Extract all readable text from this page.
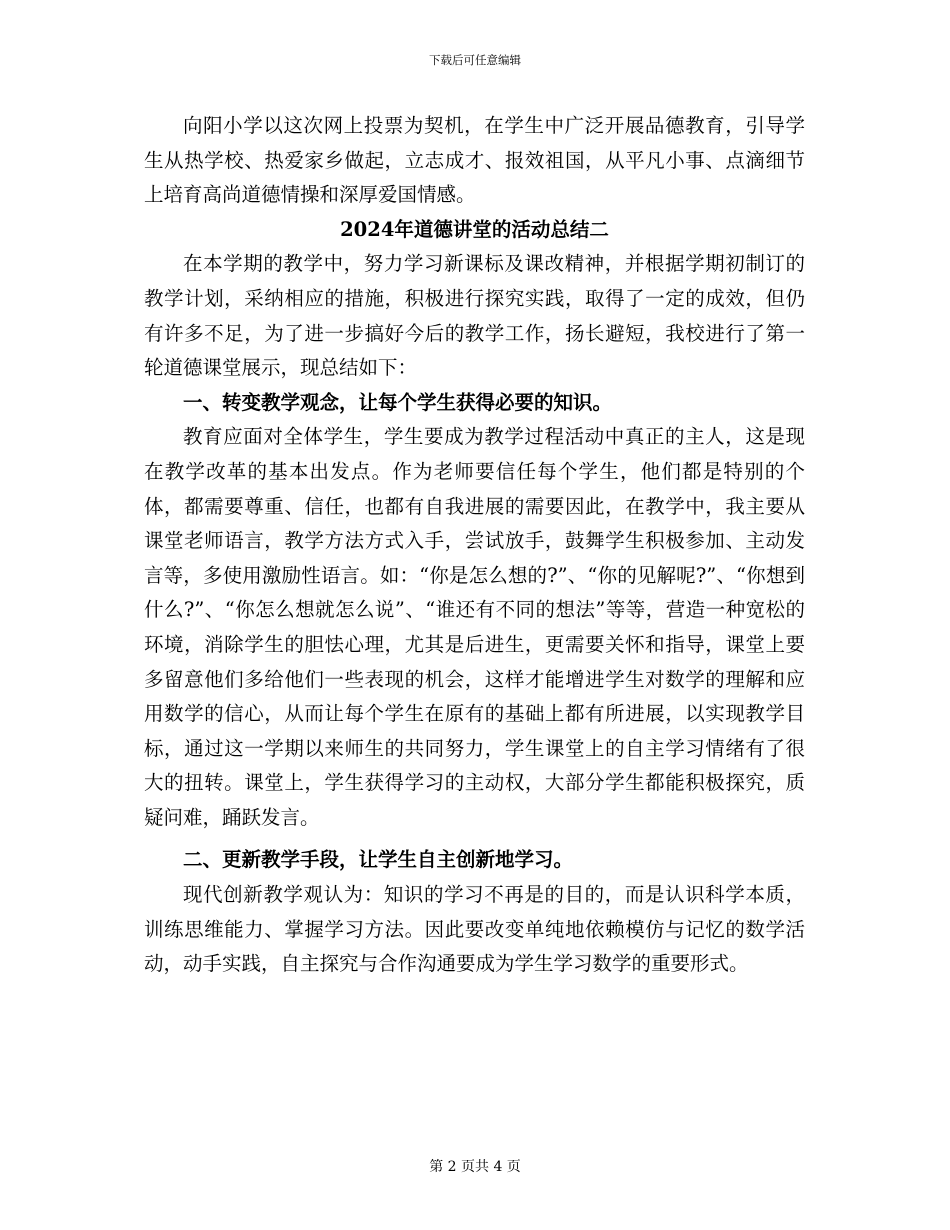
下载后可任意编辑

向阳小学以这次网上投票为契机，在学生中广泛开展品德教育，引导学生从热学校、热爱家乡做起，立志成才、报效祖国，从平凡小事、点滴细节上培育高尚道德情操和深厚爱国情感。

2024年道德讲堂的活动总结二

在本学期的教学中，努力学习新课标及课改精神，并根据学期初制订的教学计划，采纳相应的措施，积极进行探究实践，取得了一定的成效，但仍有许多不足，为了进一步搞好今后的教学工作，扬长避短，我校进行了第一轮道德课堂展示，现总结如下：

一、转变教学观念，让每个学生获得必要的知识。

教育应面对全体学生，学生要成为教学过程活动中真正的主人，这是现在教学改革的基本出发点。作为老师要信任每个学生，他们都是特别的个体，都需要尊重、信任，也都有自我进展的需要因此，在教学中，我主要从课堂老师语言，教学方法方式入手，尝试放手，鼓舞学生积极参加、主动发言等，多使用激励性语言。如：“你是怎么想的?”、“你的见解呢?”、“你想到什么?”、“你怎么想就怎么说”、“谁还有不同的想法”等等，营造一种宽松的环境，消除学生的胆怯心理，尤其是后进生，更需要关怀和指导，课堂上要多留意他们多给他们一些表现的机会，这样才能增进学生对数学的理解和应用数学的信心，从而让每个学生在原有的基础上都有所进展，以实现教学目标，通过这一学期以来师生的共同努力，学生课堂上的自主学习情绪有了很大的扭转。课堂上，学生获得学习的主动权，大部分学生都能积极探究，质疑问难，踊跃发言。

二、更新教学手段，让学生自主创新地学习。

现代创新教学观认为：知识的学习不再是的目的，而是认识科学本质，训练思维能力、掌握学习方法。因此要改变单纯地依赖模仿与记忆的数学活动，动手实践，自主探究与合作沟通要成为学生学习数学的重要形式。

第 2 页共 4 页
